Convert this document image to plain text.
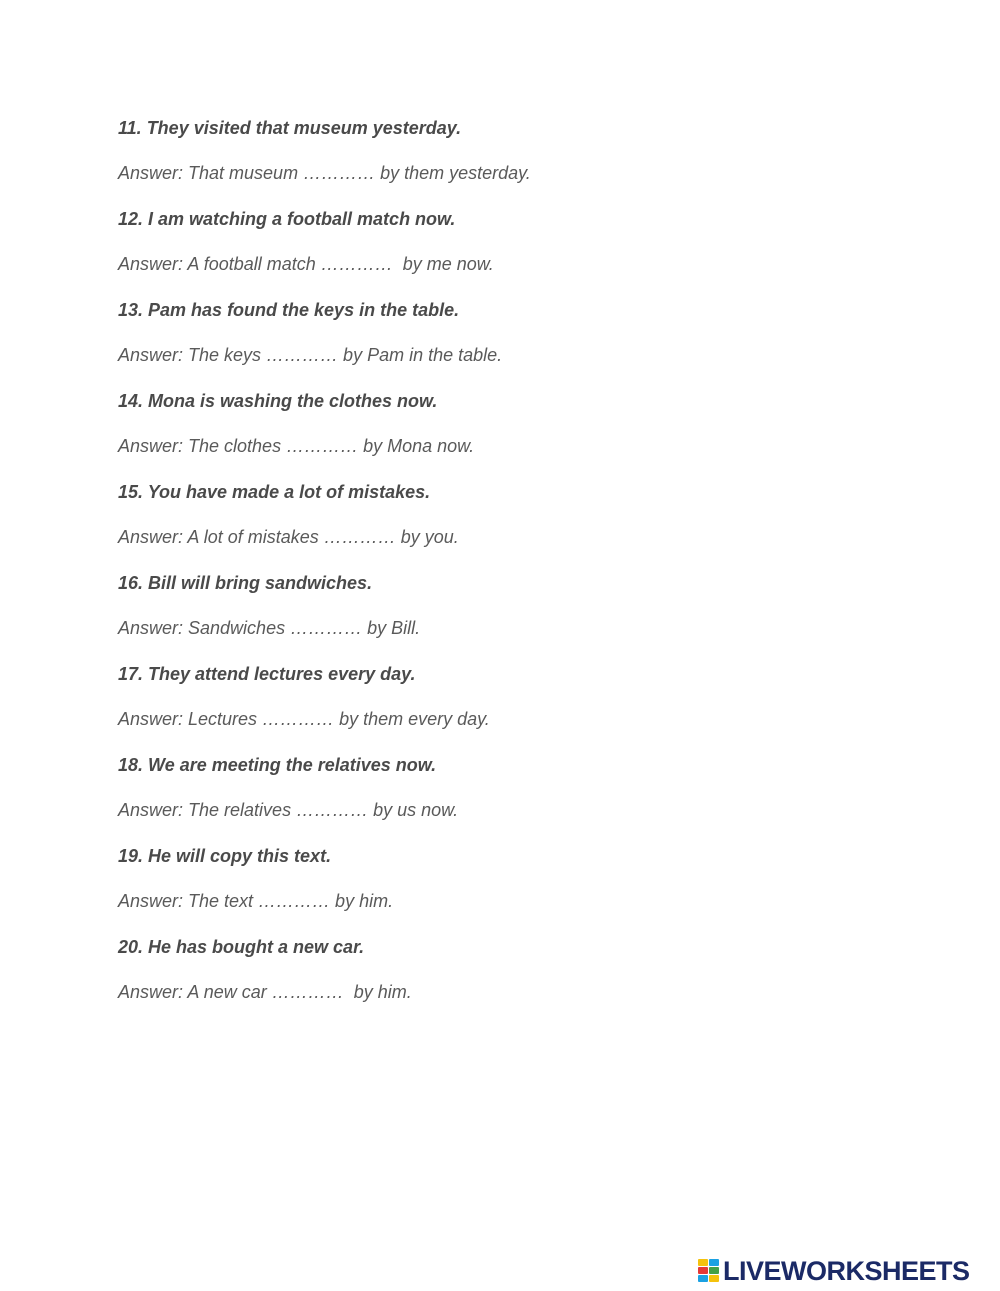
11. They visited that museum yesterday.
Answer: That museum ………… by them yesterday.
12. I am watching a football match now.
Answer: A football match …………  by me now.
13. Pam has found the keys in the table.
Answer: The keys ………… by Pam in the table.
14. Mona is washing the clothes now.
Answer: The clothes ………… by Mona now.
15. You have made a lot of mistakes.
Answer: A lot of mistakes ………… by you.
16. Bill will bring sandwiches.
Answer: Sandwiches ………… by Bill.
17. They attend lectures every day.
Answer: Lectures ………… by them every day.
18. We are meeting the relatives now.
Answer: The relatives ………… by us now.
19. He will copy this text.
Answer: The text ………… by him.
20. He has bought a new car.
Answer: A new car …………  by him.
LIVEWORKSHEETS
